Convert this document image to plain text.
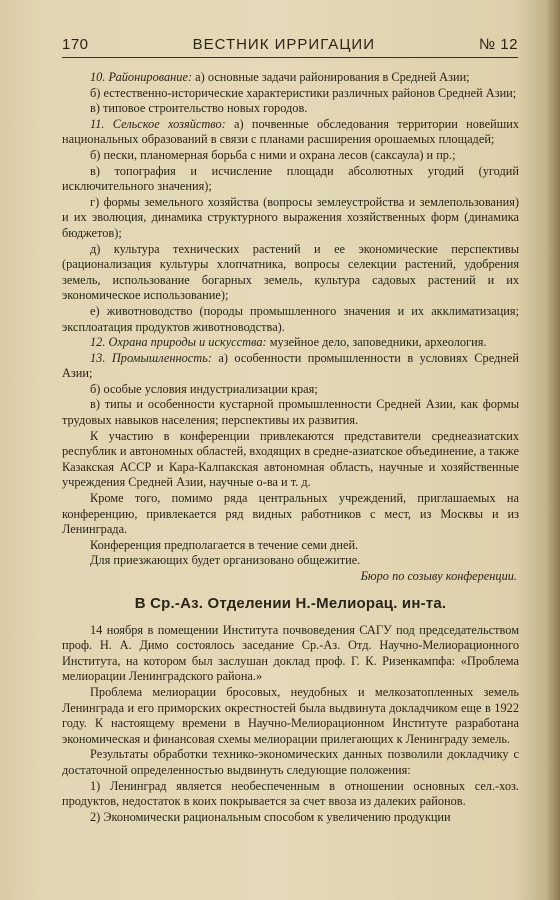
170	ВЕСТНИК ИРРИГАЦИИ	№ 12

10. Районирование: а) основные задачи районирования в Средней Азии;

б) естественно-исторические характеристики различных районов Средней Азии;

в) типовое строительство новых городов.

11. Сельское хозяйство: а) почвенные обследования территории новейших национальных образований в связи с планами расширения орошаемых площадей;

б) пески, планомерная борьба с ними и охрана лесов (саксаула) и пр.;

в) топография и исчисление площади абсолютных угодий (угодий исключительного значения);

г) формы земельного хозяйства (вопросы землеустройства и землепользования) и их эволюция, динамика структурного выражения хозяйственных форм (динамика бюджетов);

д) культура технических растений и ее экономические перспективы (рационализация культуры хлопчатника, вопросы селекции растений, удобрения земель, использование богарных земель, культура садовых растений и их экономическое использование);

е) животноводство (породы промышленного значения и их акклиматизация; эксплоатация продуктов животноводства).

12. Охрана природы и искусства: музейное дело, заповедники, археология.

13. Промышленность: а) особенности промышленности в условиях Средней Азии;

б) особые условия индустриализации края;

в) типы и особенности кустарной промышленности Средней Азии, как формы трудовых навыков населения; перспективы их развития.

К участию в конференции привлекаются представители среднеазиатских республик и автономных областей, входящих в средне-азиатское объединение, а также Казакская АССР и Кара-Калпакская автономная область, научные и хозяйственные учреждения Средней Азии, научные о-ва и т. д.

Кроме того, помимо ряда центральных учреждений, приглашаемых на конференцию, привлекается ряд видных работников с мест, из Москвы и из Ленинграда.

Конференция предполагается в течение семи дней.

Для приезжающих будет организовано общежитие.

Бюро по созыву конференции.

В Ср.-Аз. Отделении Н.-Мелиорац. ин-та.

14 ноября в помещении Института почвоведения САГУ под председательством проф. Н. А. Димо состоялось заседание Ср.-Аз. Отд. Научно-Мелиорационного Института, на котором был заслушан доклад проф. Г. К. Ризенкампфа: «Проблема мелиорации Ленинградского района.»

Проблема мелиорации бросовых, неудобных и мелкозатопленных земель Ленинграда и его приморских окрестностей была выдвинута докладчиком еще в 1922 году. К настоящему времени в Научно-Мелиорационном Институте разработана экономическая и финансовая схемы мелиорации прилегающих к Ленинграду земель.

Результаты обработки технико-экономических данных позволили докладчику с достаточной определенностью выдвинуть следующие положения:

1) Ленинград является необеспеченным в отношении основных сел.-хоз. продуктов, недостаток в коих покрывается за счет ввоза из далеких районов.

2) Экономически рациональным способом к увеличению продукции
